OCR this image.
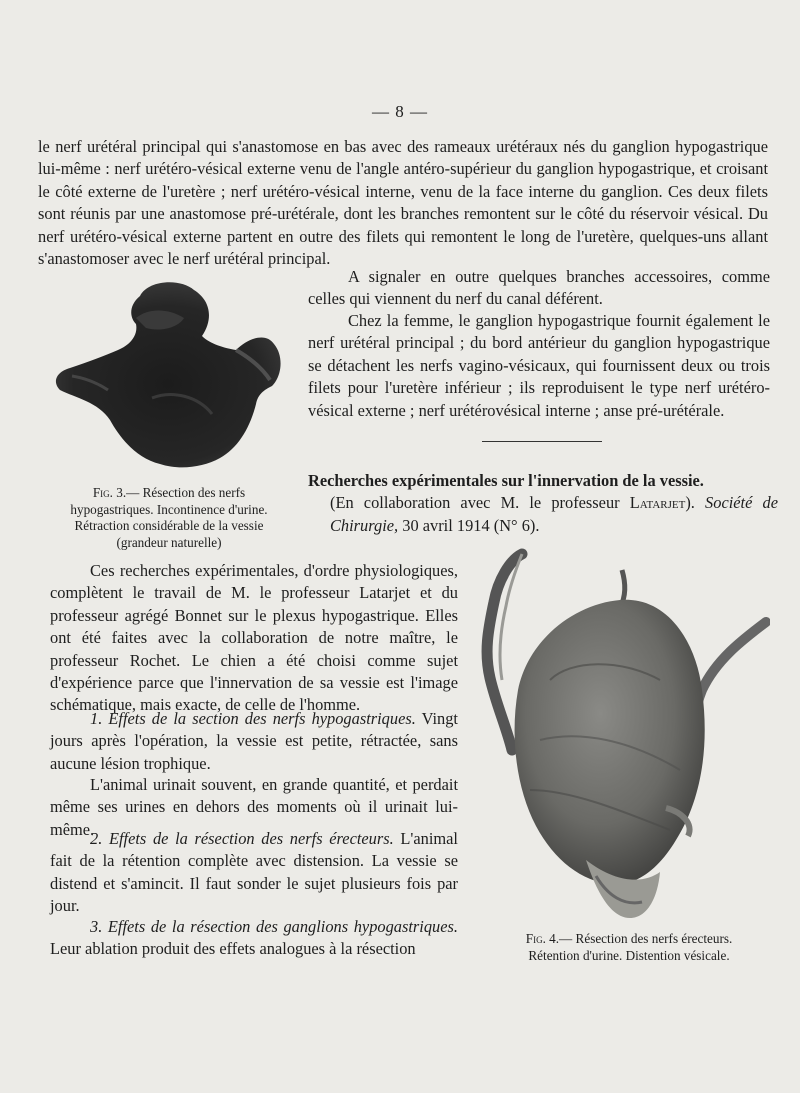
— 8 —
le nerf urétéral principal qui s'anastomose en bas avec des rameaux urétéraux nés du ganglion hypogastrique lui-même : nerf urétéro-vésical externe venu de l'angle antéro-supérieur du ganglion hypogastrique, et croisant le côté externe de l'uretère ; nerf urétéro-vésical interne, venu de la face interne du ganglion. Ces deux filets sont réunis par une anastomose pré-urétérale, dont les branches remontent sur le côté du réservoir vésical. Du nerf urétéro-vésical externe partent en outre des filets qui remontent le long de l'uretère, quelques-uns allant s'anastomoser avec le nerf urétéral principal.
A signaler en outre quelques branches accessoires, comme celles qui viennent du nerf du canal déférent.
Chez la femme, le ganglion hypogastrique fournit également le nerf urétéral principal ; du bord antérieur du ganglion hypogastrique se détachent les nerfs vagino-vésicaux, qui fournissent deux ou trois filets pour l'uretère inférieur ; ils reproduisent le type nerf urétéro-vésical externe ; nerf urétérovésical interne ; anse pré-urétérale.
Fig. 3.— Résection des nerfs
hypogastriques. Incontinence d'urine.
Rétraction considérable de la vessie
(grandeur naturelle)
Recherches expérimentales sur l'innervation de la vessie.
(En collaboration avec M. le professeur Latarjet). Société de Chirurgie, 30 avril 1914 (N° 6).
Ces recherches expérimentales, d'ordre physiologiques, complètent le travail de M. le professeur Latarjet et du professeur agrégé Bonnet sur le plexus hypogastrique. Elles ont été faites avec la collaboration de notre maître, le professeur Rochet. Le chien a été choisi comme sujet d'expérience parce que l'innervation de sa vessie est l'image schématique, mais exacte, de celle de l'homme.
1. Effets de la section des nerfs hypogastriques. Vingt jours après l'opération, la vessie est petite, rétractée, sans aucune lésion trophique.
L'animal urinait souvent, en grande quantité, et perdait même ses urines en dehors des moments où il urinait lui-même.
2. Effets de la résection des nerfs érecteurs. L'animal fait de la rétention complète avec distension. La vessie se distend et s'amincit. Il faut sonder le sujet plusieurs fois par jour.
3. Effets de la résection des ganglions hypogastriques. Leur ablation produit des effets analogues à la résection
Fig. 4.— Résection des nerfs érecteurs.
Rétention d'urine. Distention vésicale.
